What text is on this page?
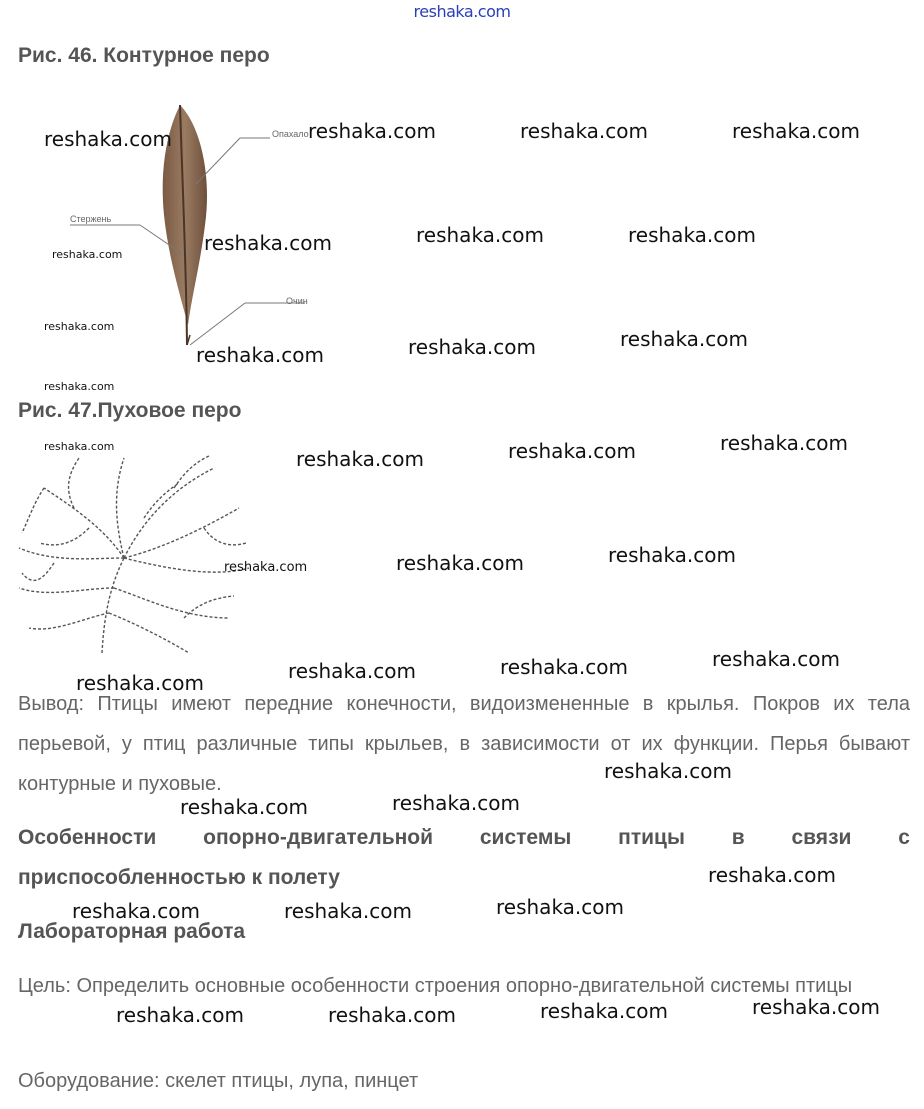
reshaka.com
Рис. 46. Контурное перо
Опахало
Стержень
Очин
Рис. 47.Пуховое перо
Вывод: Птицы имеют передние конечности, видоизмененные в крылья. Покров их тела перьевой, у птиц различные типы крыльев, в зависимости от их функции. Перья бывают контурные и пуховые.
Особенности опорно-двигательной системы птицы в связи с
приспособленностью к полету
Лабораторная работа
Цель: Определить основные особенности строения опорно-двигательной системы птицы
Оборудование: скелет птицы, лупа, пинцет
reshaka.com	reshaka.com	reshaka.com	reshaka.com
reshaka.com	reshaka.com	reshaka.com
reshaka.com
reshaka.com
reshaka.com	reshaka.com	reshaka.com
reshaka.com
reshaka.com
reshaka.com	reshaka.com	reshaka.com
reshaka.com	reshaka.com	reshaka.com
reshaka.com	reshaka.com	reshaka.com
reshaka.com
reshaka.com
reshaka.com	reshaka.com
reshaka.com
reshaka.com	reshaka.com	reshaka.com
reshaka.com	reshaka.com	reshaka.com	reshaka.com
